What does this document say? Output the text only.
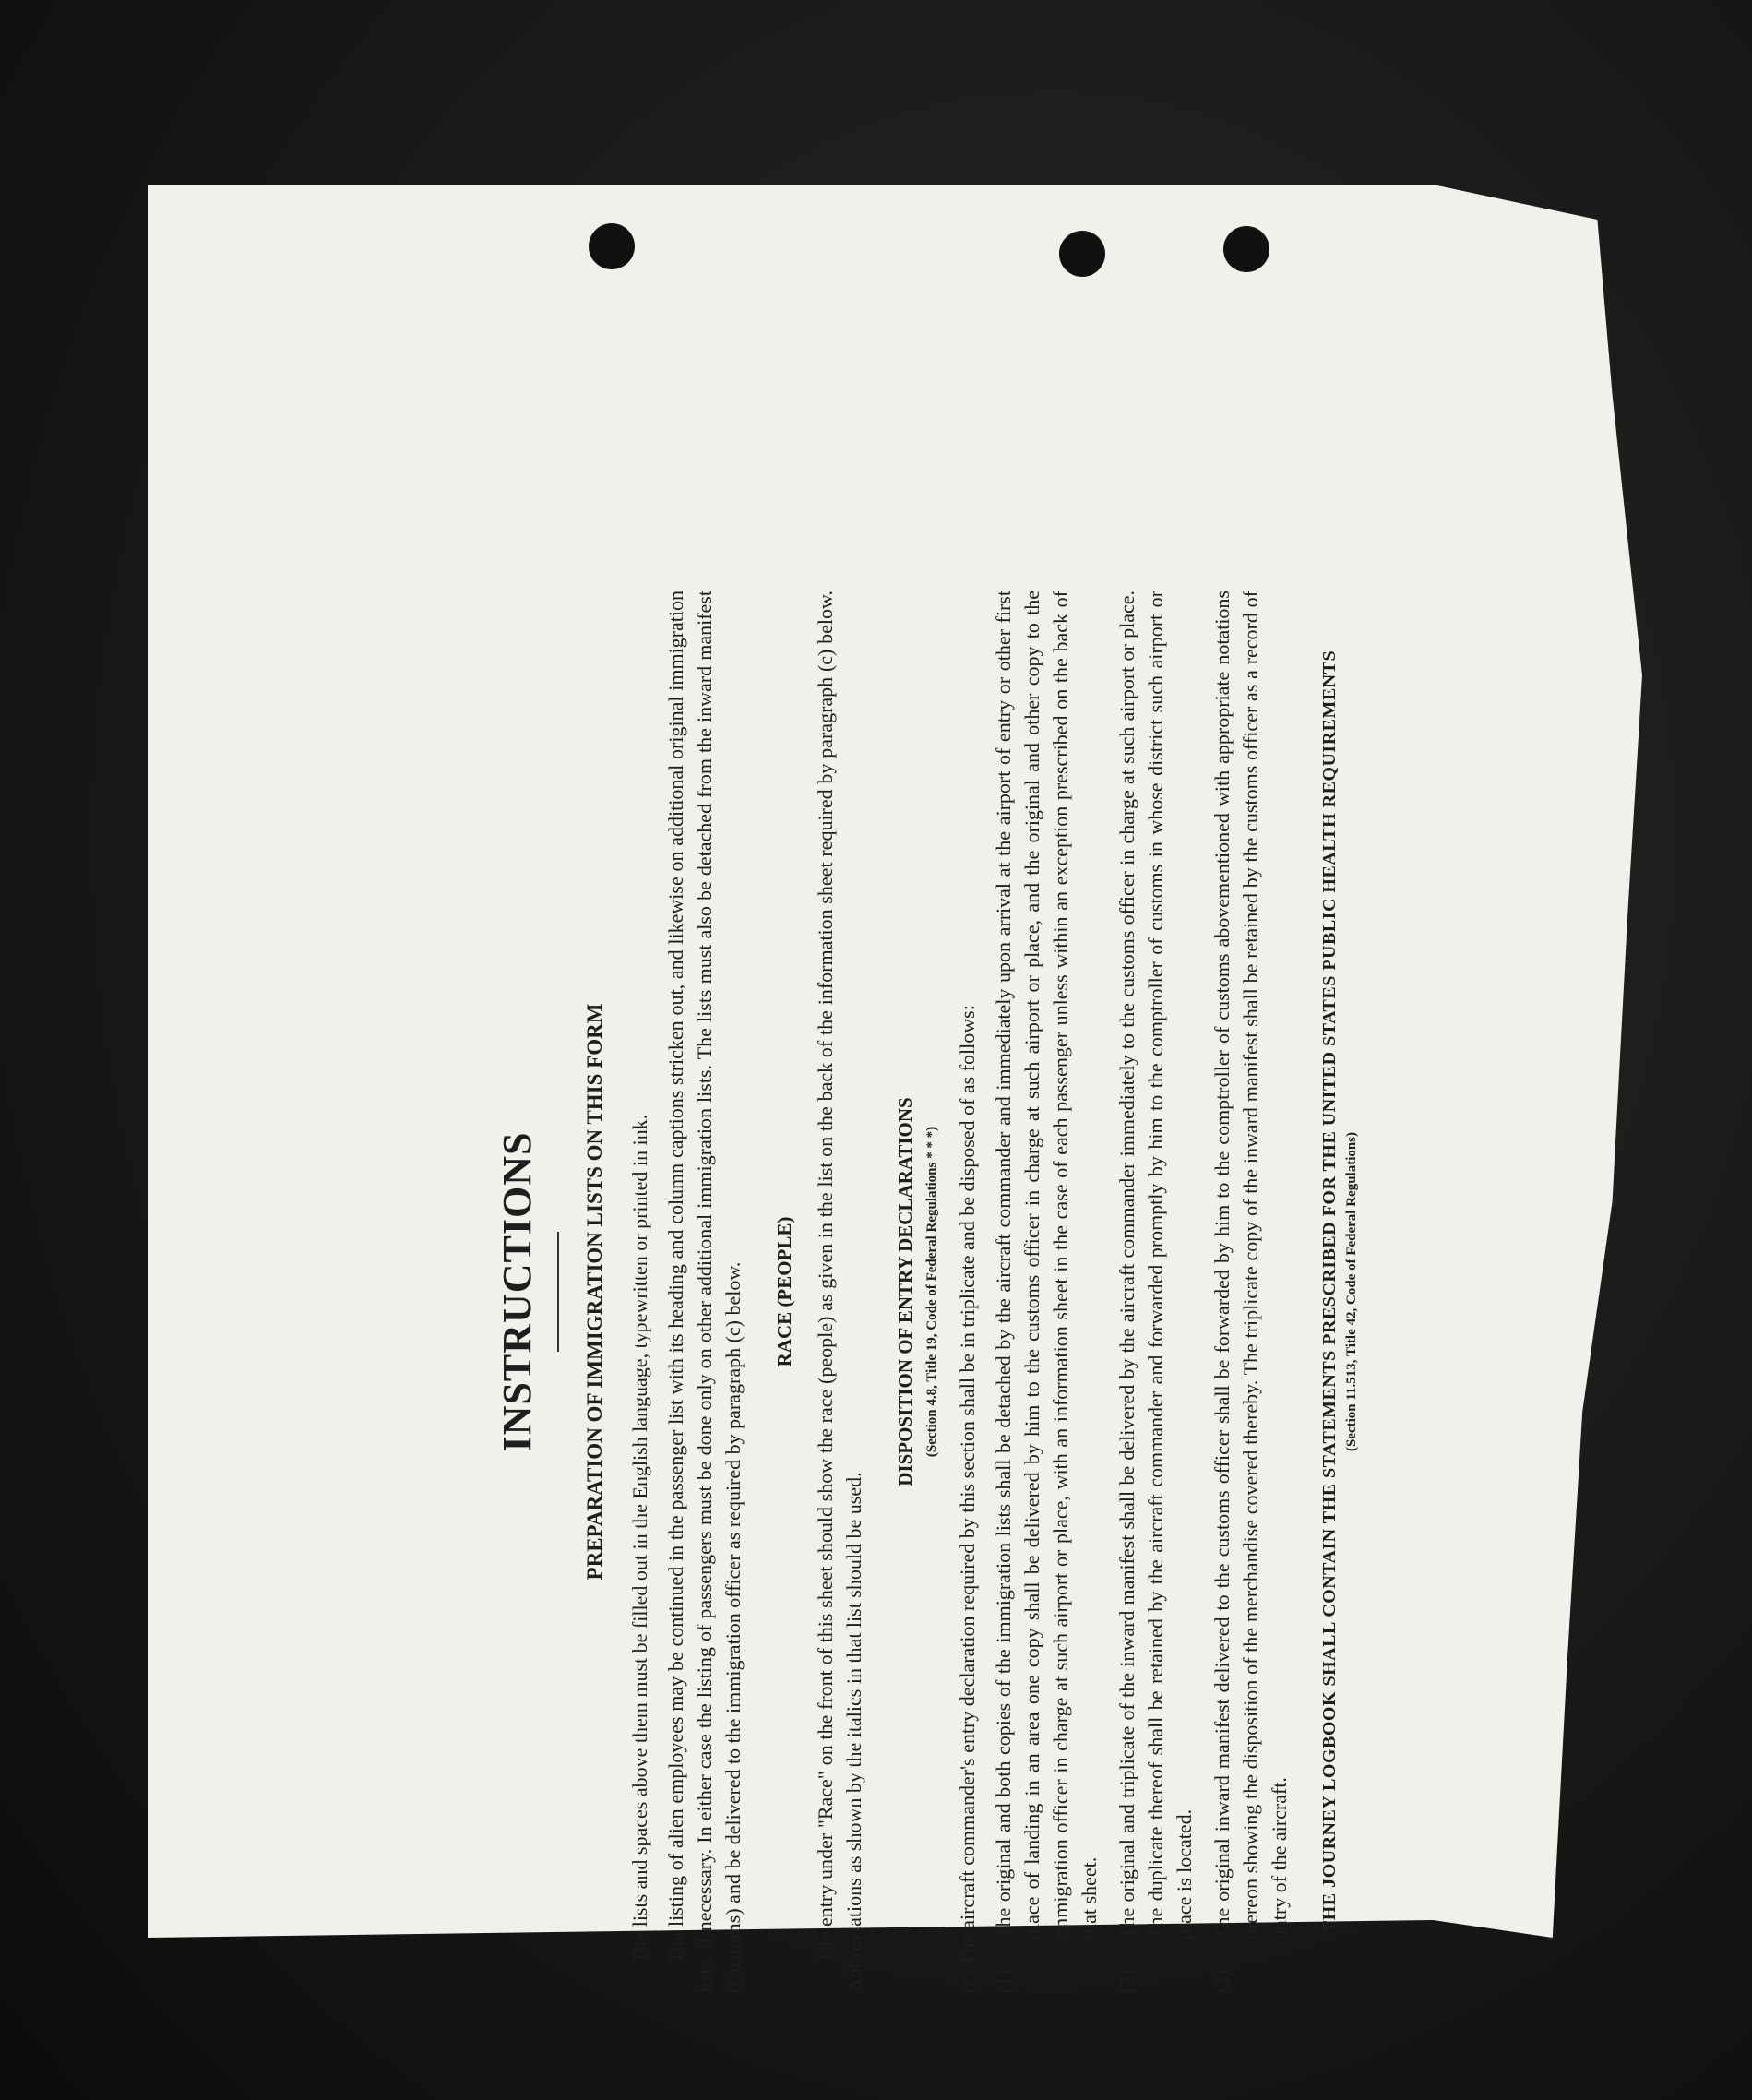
INSTRUCTIONS PREPARATION OF IMMIGRATION LISTS ON THIS FORM The lists and spaces above them must be filled out in the English language, typewritten or printed in ink. The listing of alien employees may be continued in the passenger list with its heading and column captions stricken out, and likewise on additional original immigration lists, if necessary. In either case the listing of passengers must be done only on other additional immigration lists. The lists must also be detached from the inward manifest (Customs) and be delivered to the immigration officer as required by paragraph (c) below. RACE (PEOPLE) The entry under "Race" on the front of this sheet should show the race (people) as given in the list on the back of the information sheet required by paragraph (c) below. Abbreviations as shown by the italics in that list should be used.

DISPOSITION OF ENTRY DECLARATIONS (Section 4.8, Title 19, Code of Federal Regulations * * *) (c) The aircraft commander's entry declaration required by this section shall be in triplicate and be disposed of as follows: (1)
The original and both copies of the immigration lists shall be detached by the aircraft commander and immediately upon arrival at the airport of entry or other first place of landing in an area one copy shall be delivered by him to the customs officer in charge at such airport or place, and the original and other copy to the immigration officer in charge at such airport or place, with an information sheet in the case of each passenger unless within an exception prescribed on the back of that sheet.
(2)
The original and triplicate of the inward manifest shall be delivered by the aircraft commander immediately to the customs officer in charge at such airport or place. The duplicate thereof shall be retained by the aircraft commander and forwarded promptly by him to the comptroller of customs in whose district such airport or place is located.
(3)
The original inward manifest delivered to the customs officer shall be forwarded by him to the comptroller of customs abovementioned with appropriate notations thereon showing the disposition of the merchandise covered thereby. The triplicate copy of the inward manifest shall be retained by the customs officer as a record of entry of the aircraft. THE JOURNEY LOGBOOK SHALL CONTAIN THE STATEMENTS PRESCRIBED FOR THE UNITED STATES PUBLIC HEALTH REQUIREMENTS (Section 11.513, Title 42, Code of Federal Regulations)
16—24598-4 U. S. GOVERNMENT PRINTING OFFICE
